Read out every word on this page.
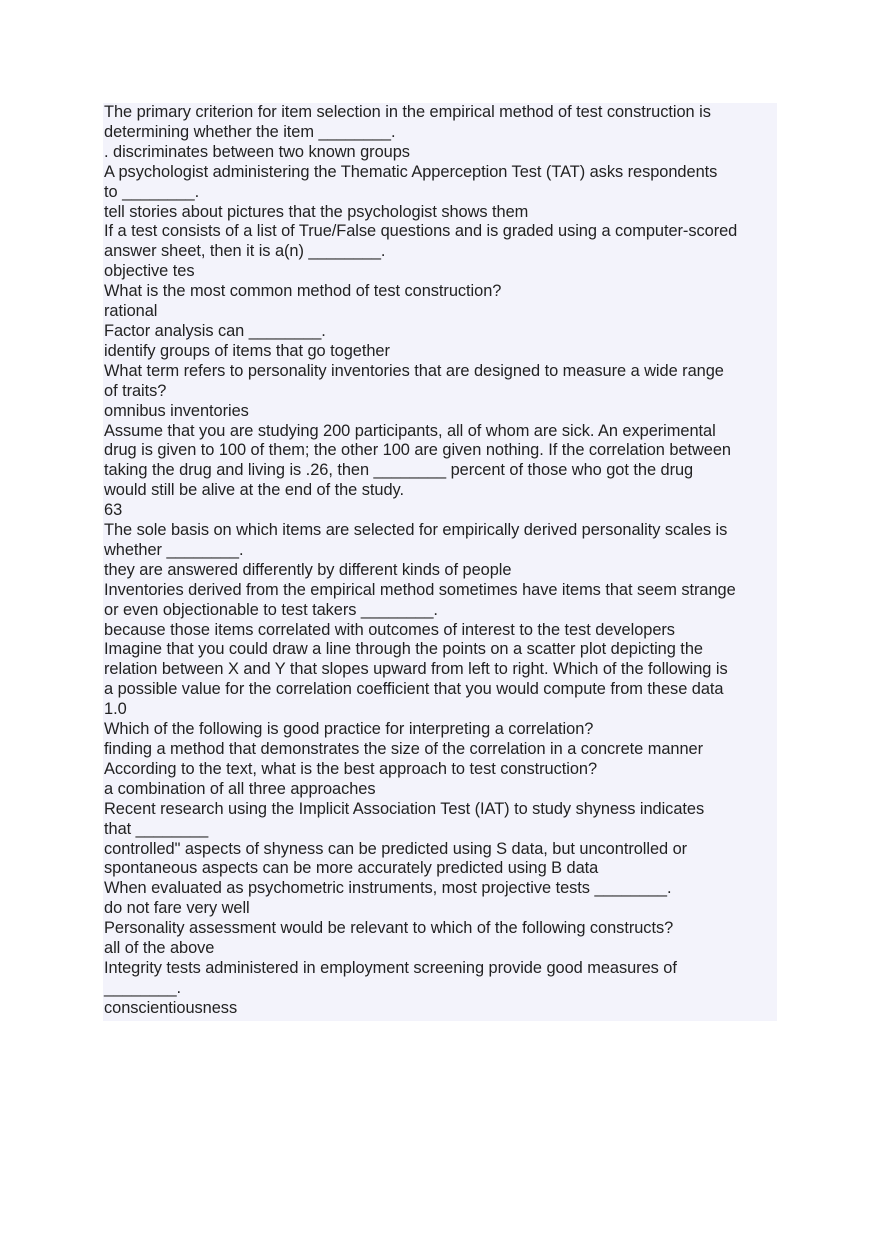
The primary criterion for item selection in the empirical method of test construction is
determining whether the item ________.
. discriminates between two known groups
A psychologist administering the Thematic Apperception Test (TAT) asks respondents
to ________.
tell stories about pictures that the psychologist shows them
If a test consists of a list of True/False questions and is graded using a computer-scored
answer sheet, then it is a(n) ________.
objective tes
What is the most common method of test construction?
rational
Factor analysis can ________.
identify groups of items that go together
What term refers to personality inventories that are designed to measure a wide range
of traits?
omnibus inventories
Assume that you are studying 200 participants, all of whom are sick. An experimental
drug is given to 100 of them; the other 100 are given nothing. If the correlation between
taking the drug and living is .26, then ________ percent of those who got the drug
would still be alive at the end of the study.
63
The sole basis on which items are selected for empirically derived personality scales is
whether ________.
they are answered differently by different kinds of people
Inventories derived from the empirical method sometimes have items that seem strange
or even objectionable to test takers ________.
because those items correlated with outcomes of interest to the test developers
Imagine that you could draw a line through the points on a scatter plot depicting the
relation between X and Y that slopes upward from left to right. Which of the following is
a possible value for the correlation coefficient that you would compute from these data
1.0
Which of the following is good practice for interpreting a correlation?
finding a method that demonstrates the size of the correlation in a concrete manner
According to the text, what is the best approach to test construction?
a combination of all three approaches
Recent research using the Implicit Association Test (IAT) to study shyness indicates
that ________
controlled" aspects of shyness can be predicted using S data, but uncontrolled or
spontaneous aspects can be more accurately predicted using B data
When evaluated as psychometric instruments, most projective tests ________.
do not fare very well
Personality assessment would be relevant to which of the following constructs?
all of the above
Integrity tests administered in employment screening provide good measures of
________.
conscientiousness
